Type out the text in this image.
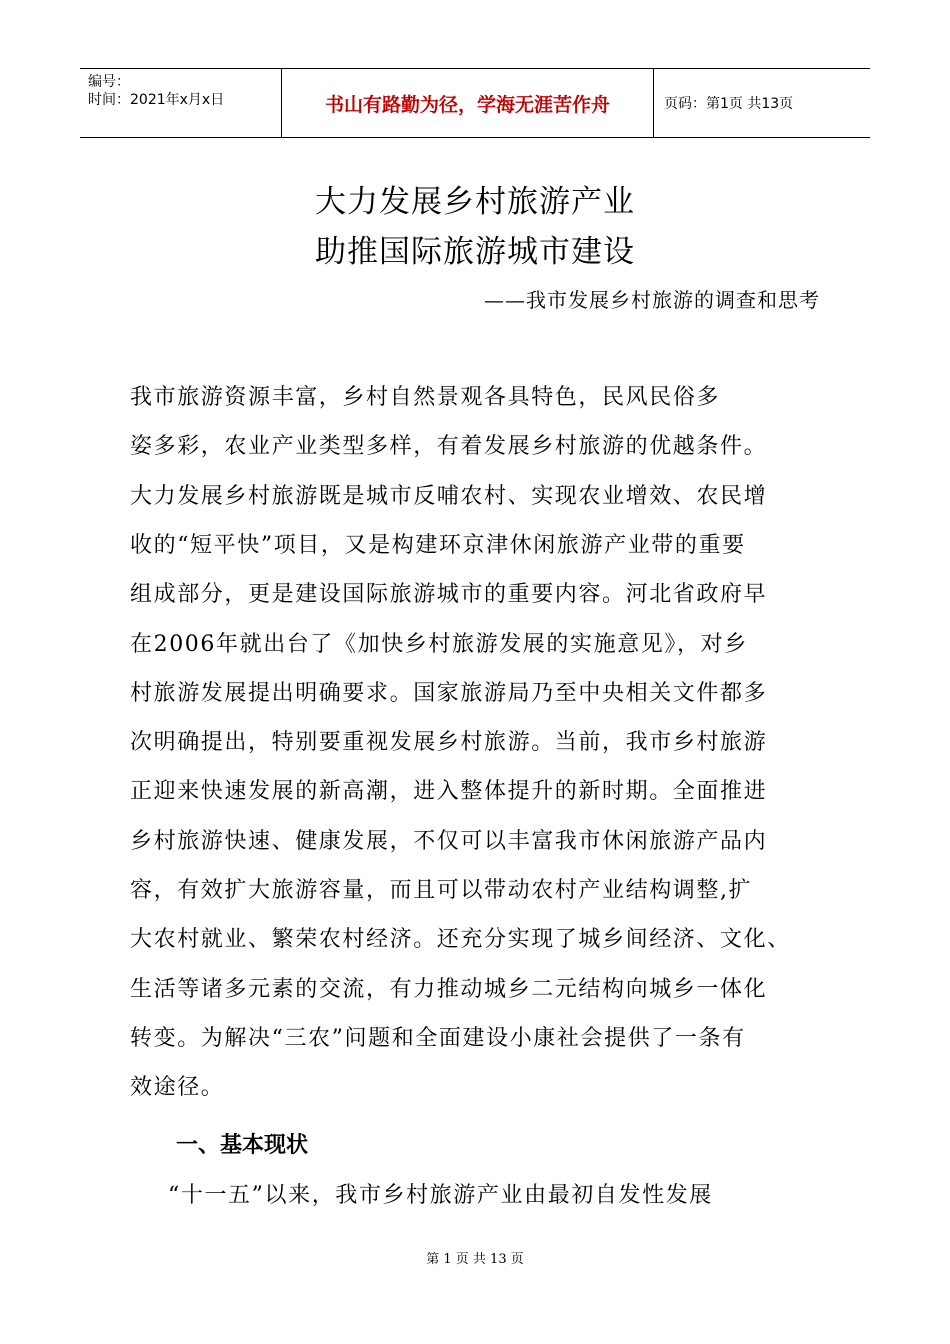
编号：
时间：2021年x月x日	书山有路勤为径，学海无涯苦作舟	页码：第1页 共13页
大力发展乡村旅游产业
助推国际旅游城市建设
——我市发展乡村旅游的调查和思考
我市旅游资源丰富，乡村自然景观各具特色，民风民俗多
姿多彩，农业产业类型多样，有着发展乡村旅游的优越条件。
大力发展乡村旅游既是城市反哺农村、实现农业增效、农民增
收的“短平快”项目，又是构建环京津休闲旅游产业带的重要
组成部分，更是建设国际旅游城市的重要内容。河北省政府早
在2006年就出台了《加快乡村旅游发展的实施意见》，对乡
村旅游发展提出明确要求。国家旅游局乃至中央相关文件都多
次明确提出，特别要重视发展乡村旅游。当前，我市乡村旅游
正迎来快速发展的新高潮，进入整体提升的新时期。全面推进
乡村旅游快速、健康发展，不仅可以丰富我市休闲旅游产品内
容，有效扩大旅游容量，而且可以带动农村产业结构调整,扩
大农村就业、繁荣农村经济。还充分实现了城乡间经济、文化、
生活等诸多元素的交流，有力推动城乡二元结构向城乡一体化
转变。为解决“三农”问题和全面建设小康社会提供了一条有
效途径。
一、基本现状
“十一五”以来，我市乡村旅游产业由最初自发性发展
第 1 页 共 13 页
